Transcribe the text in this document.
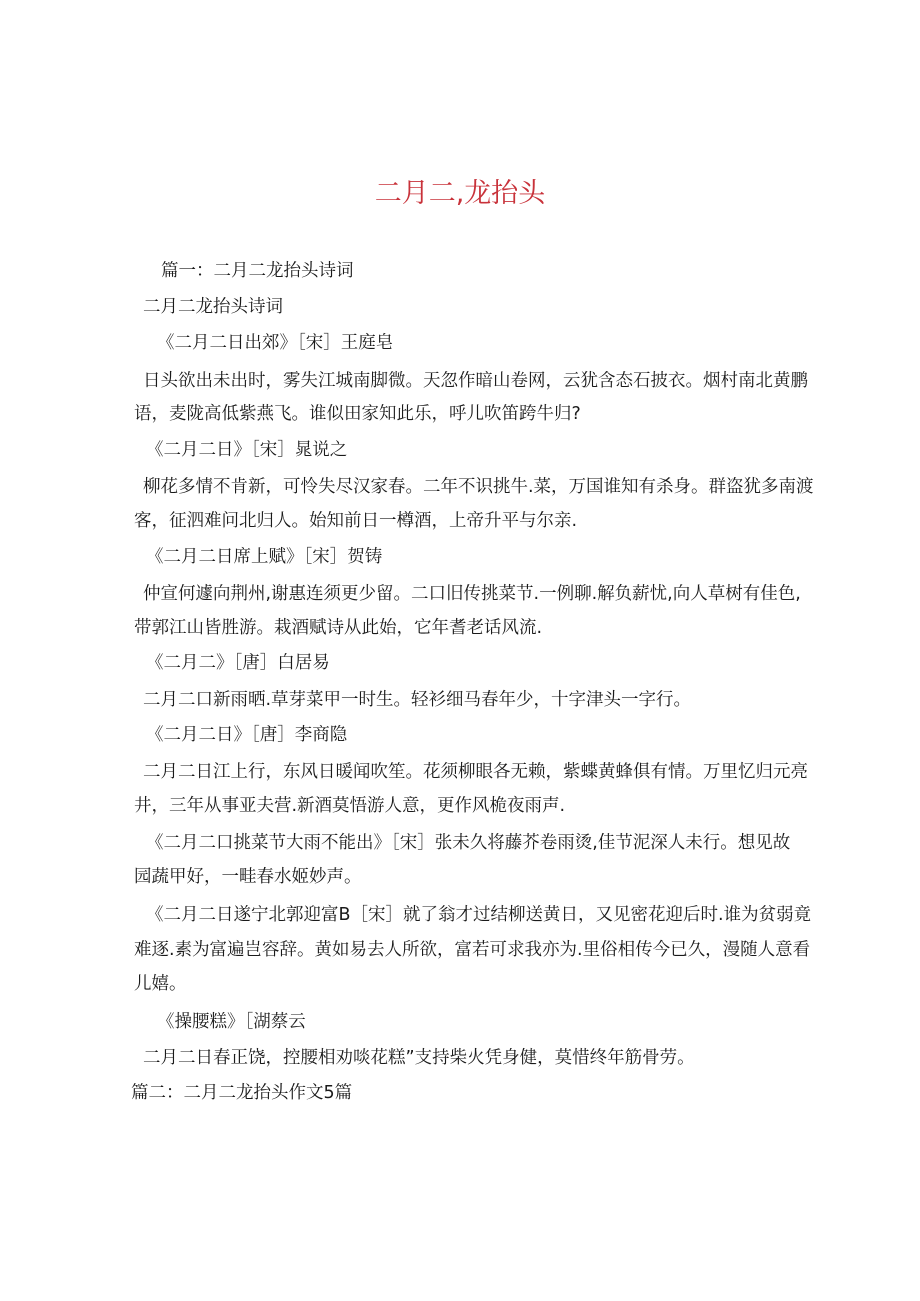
二月二,龙抬头
篇一：二月二龙抬头诗词
二月二龙抬头诗词
《二月二日出郊》［宋］王庭皂
日头欲出未出时，雾失江城南脚微。天忽作暗山卷网，云犹含态石披衣。烟村南北黄鹏
语，麦陇高低紫燕飞。谁似田家知此乐，呼儿吹笛跨牛归?
《二月二日》［宋］晁说之
柳花多情不肯新，可怜失尽汉家春。二年不识挑牛.菜，万国谁知有杀身。群盗犹多南渡
客，征泗难问北归人。始知前日一樽酒，上帝升平与尔亲.
《二月二日席上赋》［宋］贺铸
仲宣何遽向荆州,谢惠连须更少留。二口旧传挑菜节.一例聊.解负薪忧,向人草树有佳色,
带郭江山皆胜游。栽酒赋诗从此始，它年耆老话风流.
《二月二》［唐］白居易
二月二口新雨晒.草芽菜甲一时生。轻衫细马春年少，十字津头一字行。
《二月二日》［唐］李商隐
二月二日江上行，东风日暖闻吹笙。花须柳眼各无赖，紫蝶黄蜂俱有情。万里忆归元亮
井，三年从事亚夫营.新酒莫悟游人意，更作风桅夜雨声.
《二月二口挑菜节大雨不能出》［宋］张未久将藤芥卷雨烫,佳节泥深人未行。想见故
园蔬甲好，一畦春水姬妙声。
《二月二日遂宁北郭迎富B［宋］就了翁才过结柳送黄日，又见密花迎后时.谁为贫弱竟
难逐.素为富遍岂容辞。黄如易去人所欲，富若可求我亦为.里俗相传今已久，漫随人意看
儿嬉。
《操腰糕》［湖蔡云
二月二日春正饶，控腰相劝啖花糕”支持柴火凭身健，莫惜终年筋骨劳。
篇二：二月二龙抬头作文5篇
